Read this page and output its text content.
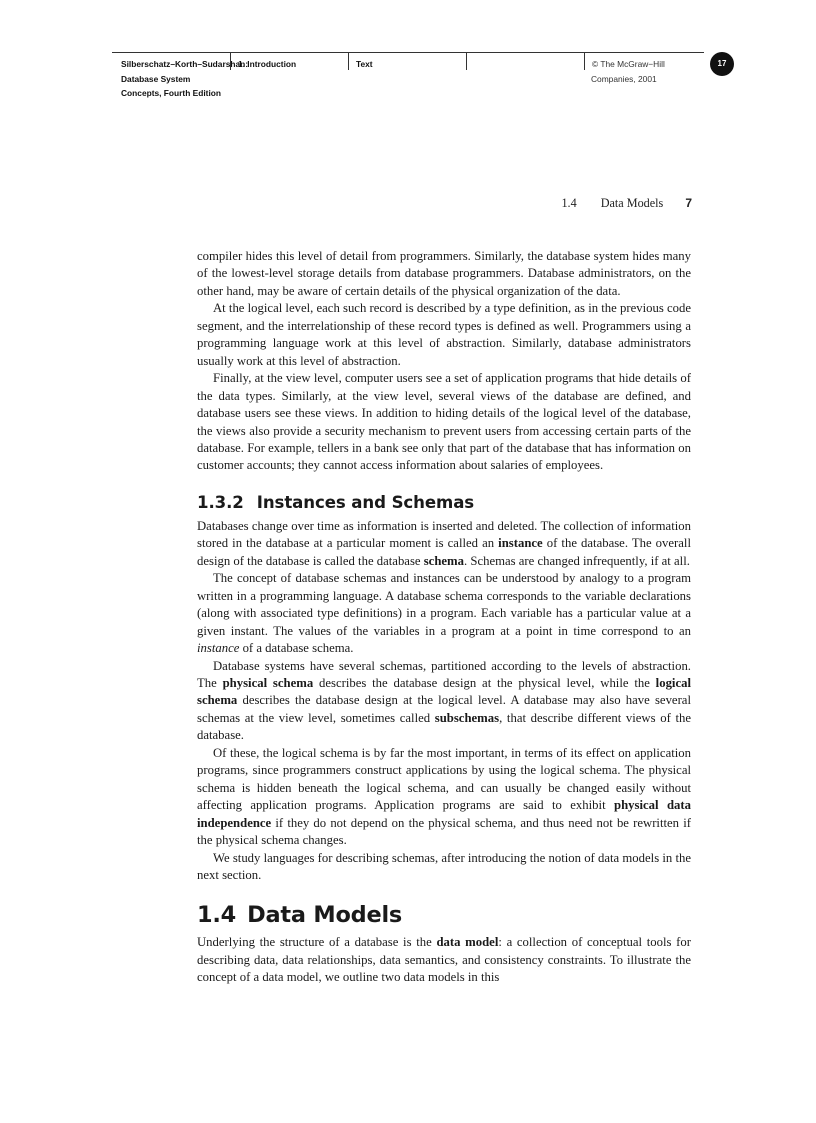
Silberschatz–Korth–Sudarshan:
1. Introduction	Text	© The McGraw−Hill
Database System
Concepts, Fourth Edition
Companies, 2001
17
1.4 Data Models 7

compiler hides this level of detail from programmers. Similarly, the database system hides many of the lowest-level storage details from database programmers. Database administrators, on the other hand, may be aware of certain details of the physical organization of the data.

At the logical level, each such record is described by a type definition, as in the previous code segment, and the interrelationship of these record types is defined as well. Programmers using a programming language work at this level of abstraction. Similarly, database administrators usually work at this level of abstraction.

Finally, at the view level, computer users see a set of application programs that hide details of the data types. Similarly, at the view level, several views of the database are defined, and database users see these views. In addition to hiding details of the logical level of the database, the views also provide a security mechanism to prevent users from accessing certain parts of the database. For example, tellers in a bank see only that part of the database that has information on customer accounts; they cannot access information about salaries of employees.

1.3.2 Instances and Schemas

Databases change over time as information is inserted and deleted. The collection of information stored in the database at a particular moment is called an instance of the database. The overall design of the database is called the database schema. Schemas are changed infrequently, if at all.

The concept of database schemas and instances can be understood by analogy to a program written in a programming language. A database schema corresponds to the variable declarations (along with associated type definitions) in a program. Each variable has a particular value at a given instant. The values of the variables in a program at a point in time correspond to an instance of a database schema.

Database systems have several schemas, partitioned according to the levels of abstraction. The physical schema describes the database design at the physical level, while the logical schema describes the database design at the logical level. A database may also have several schemas at the view level, sometimes called subschemas, that describe different views of the database.

Of these, the logical schema is by far the most important, in terms of its effect on application programs, since programmers construct applications by using the logical schema. The physical schema is hidden beneath the logical schema, and can usually be changed easily without affecting application programs. Application programs are said to exhibit physical data independence if they do not depend on the physical schema, and thus need not be rewritten if the physical schema changes.

We study languages for describing schemas, after introducing the notion of data models in the next section.

1.4 Data Models

Underlying the structure of a database is the data model: a collection of conceptual tools for describing data, data relationships, data semantics, and consistency constraints. To illustrate the concept of a data model, we outline two data models in this
